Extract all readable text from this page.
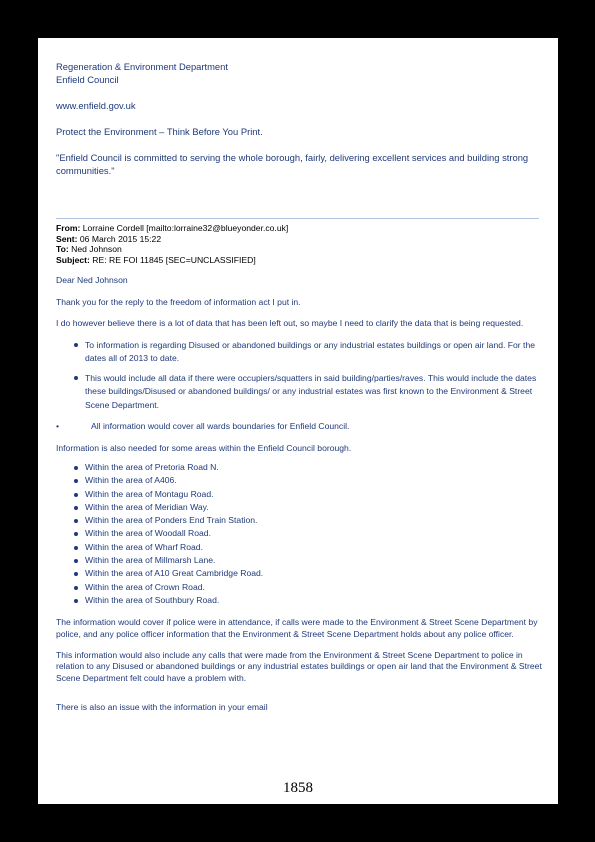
Regeneration & Environment Department
Enfield Council
www.enfield.gov.uk
Protect the Environment – Think Before You Print.
"Enfield Council is committed to serving the whole borough, fairly, delivering excellent services and building strong communities."
From: Lorraine Cordell [mailto:lorraine32@blueyonder.co.uk]
Sent: 06 March 2015 15:22
To: Ned Johnson
Subject: RE: RE FOI 11845 [SEC=UNCLASSIFIED]

Dear Ned Johnson

Thank you for the reply to the freedom of information act I put in.

I do however believe there is a lot of data that has been left out, so maybe I need to clarify the data that is being requested.

To information is regarding Disused or abandoned buildings or any industrial estates buildings or open air land. For the dates all of 2013 to date.
This would include all data if there were occupiers/squatters in said building/parties/raves. This would include the dates these buildings/Disused or abandoned buildings/ or any industrial estates was first known to the Environment & Street Scene Department.
•	All information would cover all wards boundaries for Enfield Council.

Information is also needed for some areas within the Enfield Council borough.

Within the area of Pretoria Road N.
Within the area of A406.
Within the area of Montagu Road.
Within the area of Meridian Way.
Within the area of Ponders End Train Station.
Within the area of Woodall Road.
Within the area of Wharf Road.
Within the area of Millmarsh Lane.
Within the area of A10 Great Cambridge Road.
Within the area of Crown Road.
Within the area of Southbury Road.

The information would cover if police were in attendance, if calls were made to the Environment & Street Scene Department by police, and any police officer information that the Environment & Street Scene Department holds about any police officer.

This information would also include any calls that were made from the Environment & Street Scene Department to police in relation to any Disused or abandoned buildings or any industrial estates buildings or open air land that the Environment & Street Scene Department felt could have a problem with.

There is also an issue with the information in your email

1858
